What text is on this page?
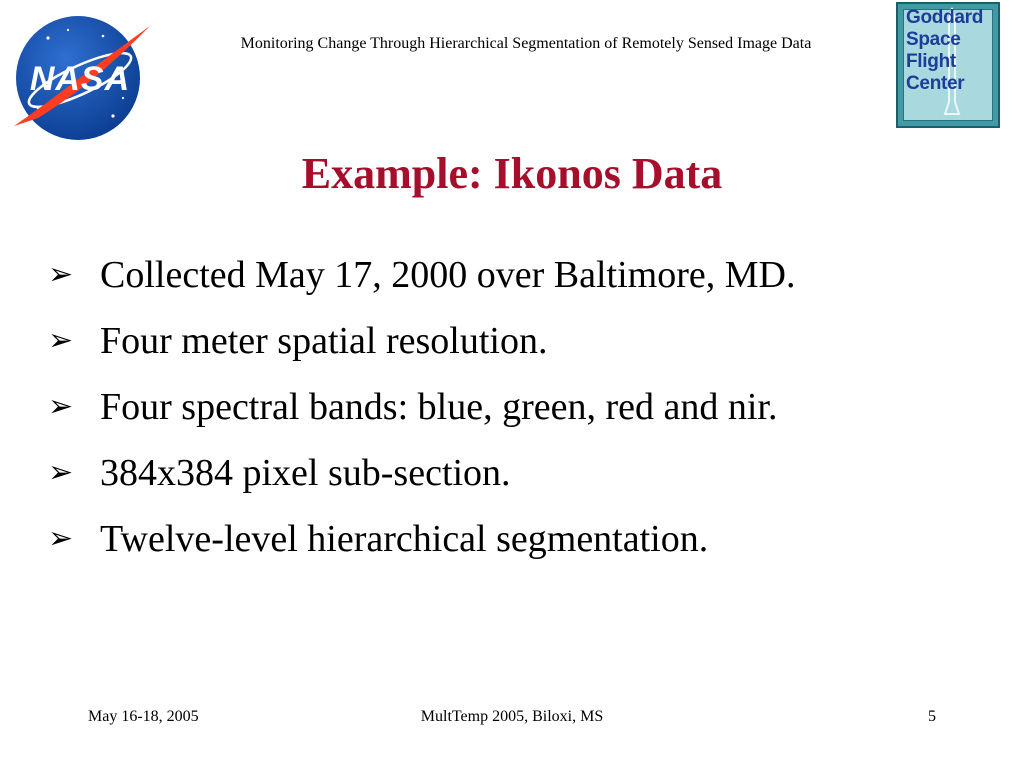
NASA
Monitoring Change Through Hierarchical Segmentation of Remotely Sensed Image Data
Goddard
Space
Flight
Center
Example: Ikonos Data
➢ Collected May 17, 2000 over Baltimore, MD.
➢ Four meter spatial resolution.
➢ Four spectral bands: blue, green, red and nir.
➢ 384x384 pixel sub-section.
➢ Twelve-level hierarchical segmentation.
May 16-18, 2005	MultTemp 2005, Biloxi, MS	5
